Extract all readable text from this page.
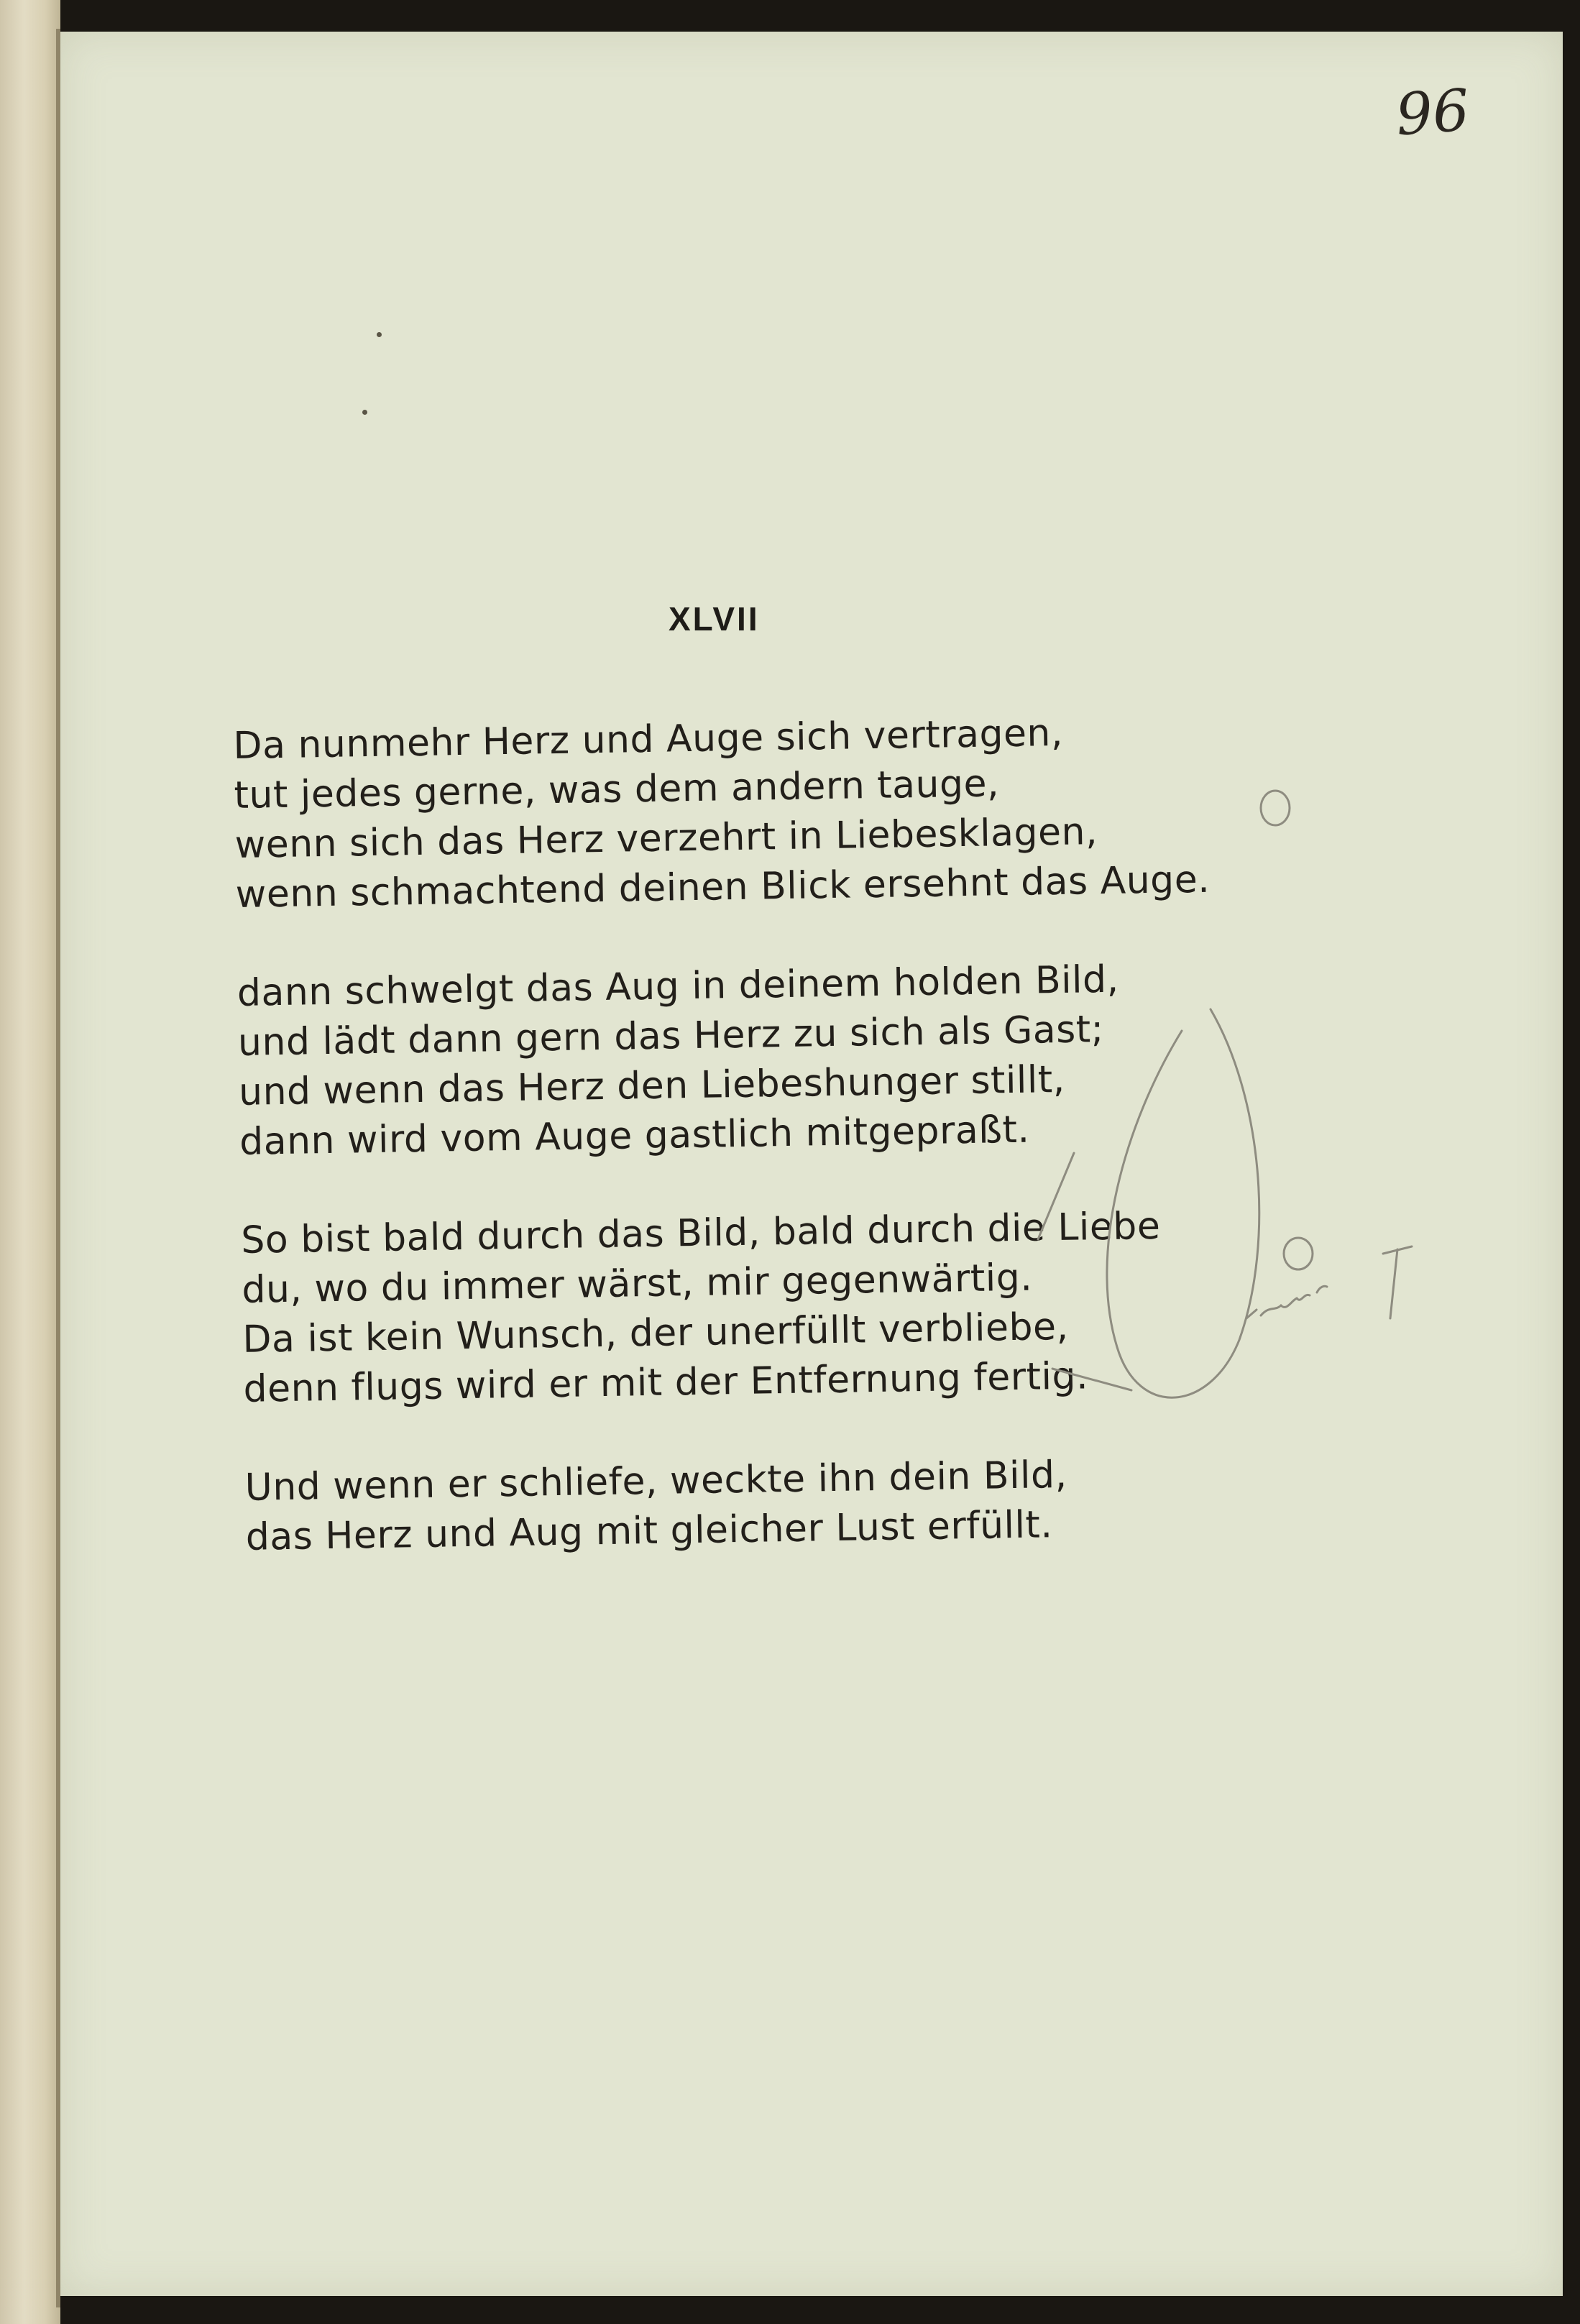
96
XLVII
Da nunmehr Herz und Auge sich vertragen,
tut jedes gerne, was dem andern tauge,
wenn sich das Herz verzehrt in Liebesklagen,
wenn schmachtend deinen Blick ersehnt das Auge.
dann schwelgt das Aug in deinem holden Bild,
und lädt dann gern das Herz zu sich als Gast;
und wenn das Herz den Liebeshunger stillt,
dann wird vom Auge gastlich mitgepraßt.
So bist bald durch das Bild, bald durch die Liebe
du, wo du immer wärst, mir gegenwärtig.
Da ist kein Wunsch, der unerfüllt verbliebe,
denn flugs wird er mit der Entfernung fertig.
Und wenn er schliefe, weckte ihn dein Bild,
das Herz und Aug mit gleicher Lust erfüllt.
